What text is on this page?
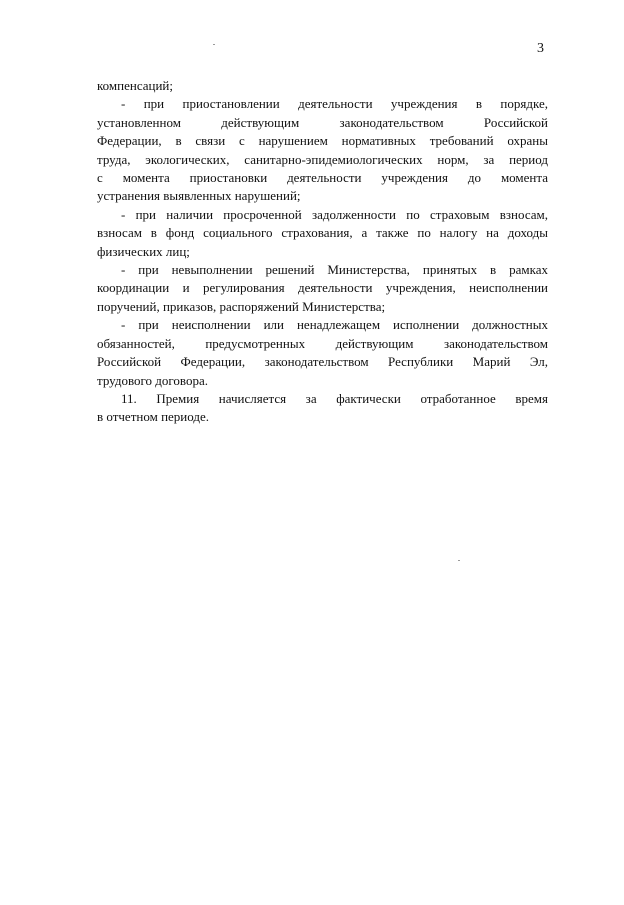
3

компенсаций;

- при приостановлении деятельности учреждения в порядке,
установленном действующим законодательством Российской
Федерации, в связи с нарушением нормативных требований охраны
труда, экологических, санитарно-эпидемиологических норм, за период
с момента приостановки деятельности учреждения до момента
устранения выявленных нарушений;

- при наличии просроченной задолженности по страховым взносам,
взносам в фонд социального страхования, а также по налогу на доходы
физических лиц;

- при невыполнении решений Министерства, принятых в рамках
координации и регулирования деятельности учреждения, неисполнении
поручений, приказов, распоряжений Министерства;

- при неисполнении или ненадлежащем исполнении должностных
обязанностей, предусмотренных действующим законодательством
Российской Федерации, законодательством Республики Марий Эл,
трудового договора.

11. Премия начисляется за фактически отработанное время
в отчетном периоде.
